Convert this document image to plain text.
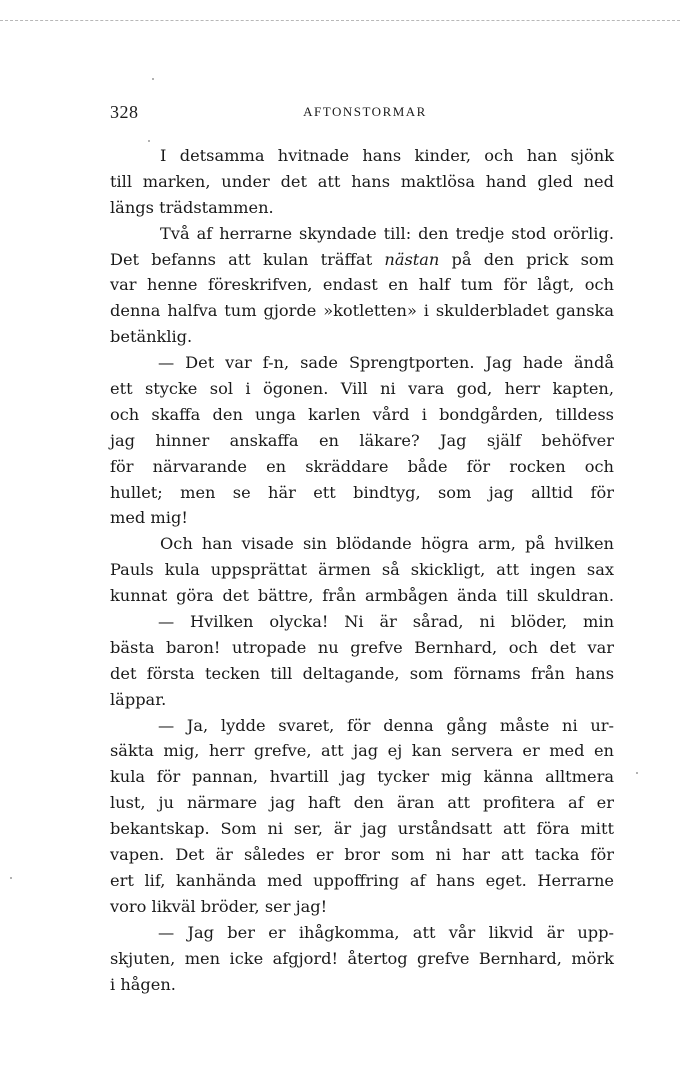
328	AFTONSTORMAR
I detsamma hvitnade hans kinder, och han sjönk
till marken, under det att hans maktlösa hand gled ned
längs trädstammen.
Två af herrarne skyndade till: den tredje stod orörlig.
Det befanns att kulan träffat nästan på den prick som
var henne föreskrifven, endast en half tum för lågt, och
denna halfva tum gjorde »kotletten» i skulderbladet ganska
betänklig.
— Det var f-n, sade Sprengtporten. Jag hade ändå
ett stycke sol i ögonen. Vill ni vara god, herr kapten,
och skaffa den unga karlen vård i bondgården, tilldess
jag hinner anskaffa en läkare? Jag själf behöfver
för närvarande en skräddare både för rocken och
hullet; men se här ett bindtyg, som jag alltid för
med mig!
Och han visade sin blödande högra arm, på hvilken
Pauls kula uppsprättat ärmen så skickligt, att ingen sax
kunnat göra det bättre, från armbågen ända till skuldran.
— Hvilken olycka! Ni är sårad, ni blöder, min
bästa baron! utropade nu grefve Bernhard, och det var
det första tecken till deltagande, som förnams från hans
läppar.
— Ja, lydde svaret, för denna gång måste ni ur-
säkta mig, herr grefve, att jag ej kan servera er med en
kula för pannan, hvartill jag tycker mig känna alltmera
lust, ju närmare jag haft den äran att profitera af er
bekantskap. Som ni ser, är jag urståndsatt att föra mitt
vapen. Det är således er bror som ni har att tacka för
ert lif, kanhända med uppoffring af hans eget. Herrarne
voro likväl bröder, ser jag!
— Jag ber er ihågkomma, att vår likvid är upp-
skjuten, men icke afgjord! återtog grefve Bernhard, mörk
i hågen.
